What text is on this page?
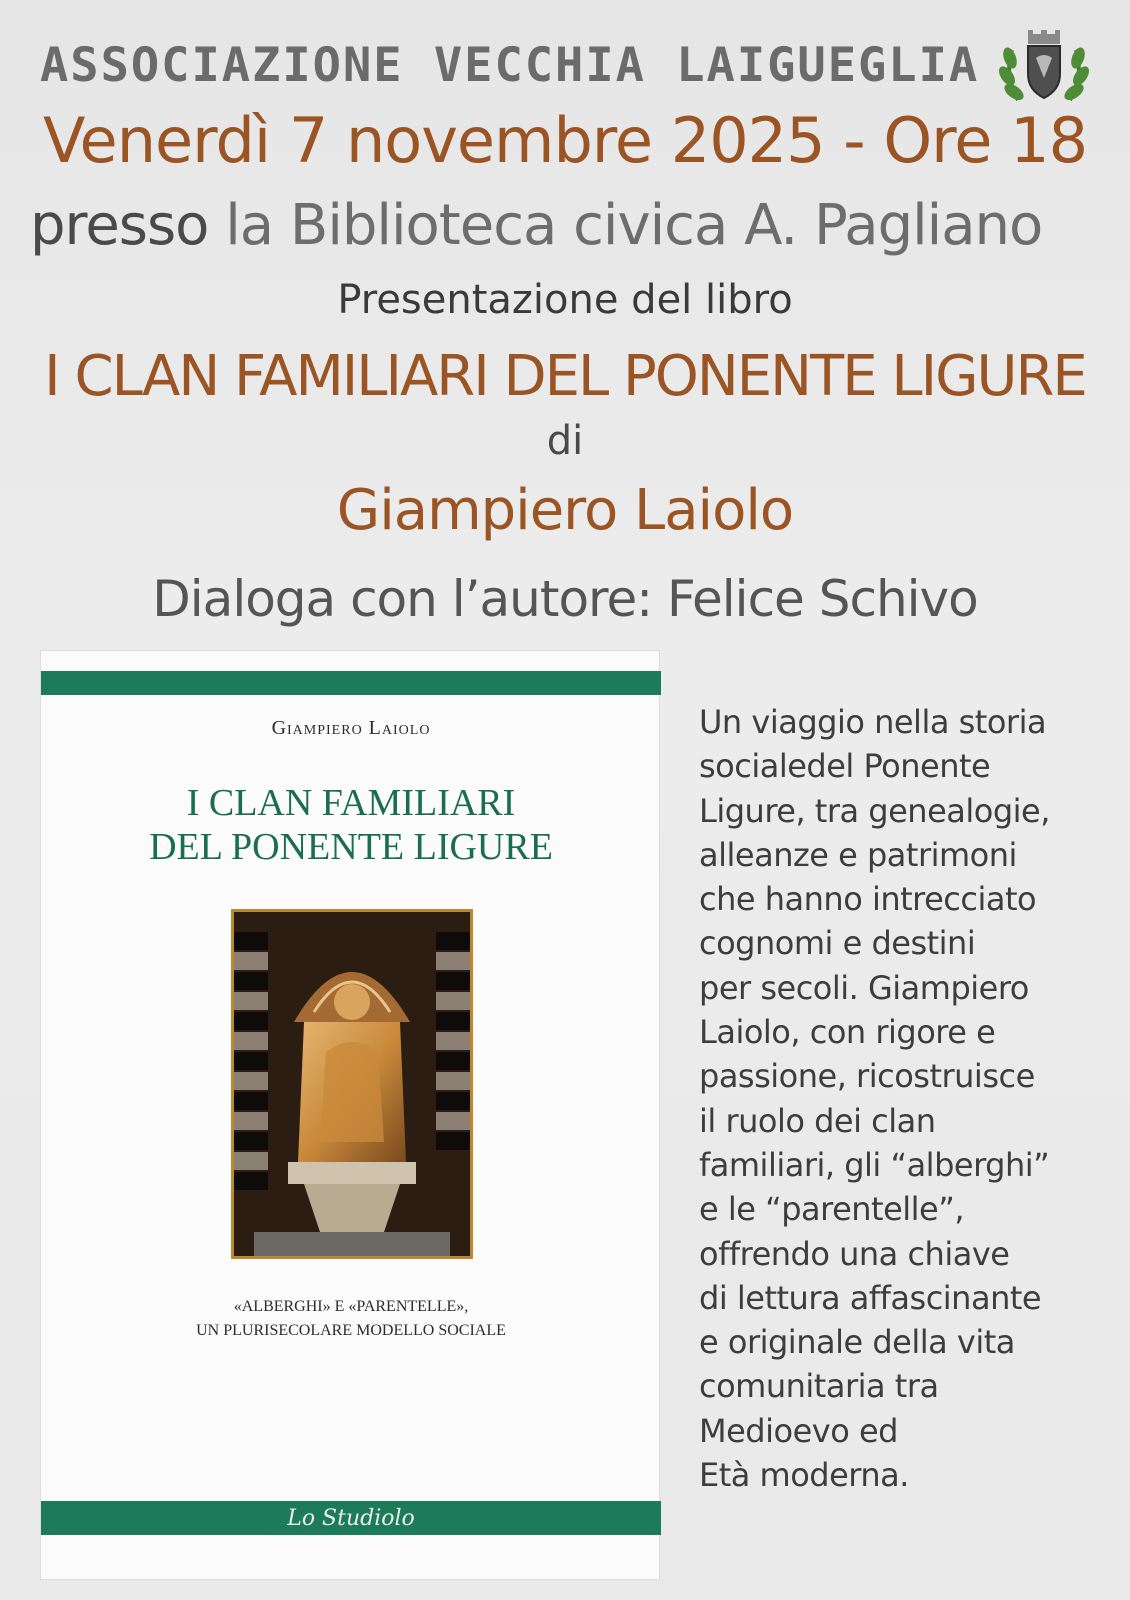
ASSOCIAZIONE VECCHIA LAIGUEGLIA
Venerdì 7 novembre 2025 - Ore 18
presso la Biblioteca civica A. Pagliano
Presentazione del libro
I CLAN FAMILIARI DEL PONENTE LIGURE
di
Giampiero Laiolo
Dialoga con l’autore: Felice Schivo
Giampiero Laiolo
I CLAN FAMILIARI
DEL PONENTE LIGURE
«ALBERGHI» E «PARENTELLE»,
UN PLURISECOLARE MODELLO SOCIALE
Lo Studiolo
Un viaggio nella storia
socialedel Ponente
Ligure, tra genealogie,
alleanze e patrimoni
che hanno intrecciato
cognomi e destini
per secoli. Giampiero
Laiolo, con rigore e
passione, ricostruisce
il ruolo dei clan
familiari, gli “alberghi”
e le “parentelle”,
offrendo una chiave
di lettura affascinante
e originale della vita
comunitaria tra
Medioevo ed
Età moderna.
